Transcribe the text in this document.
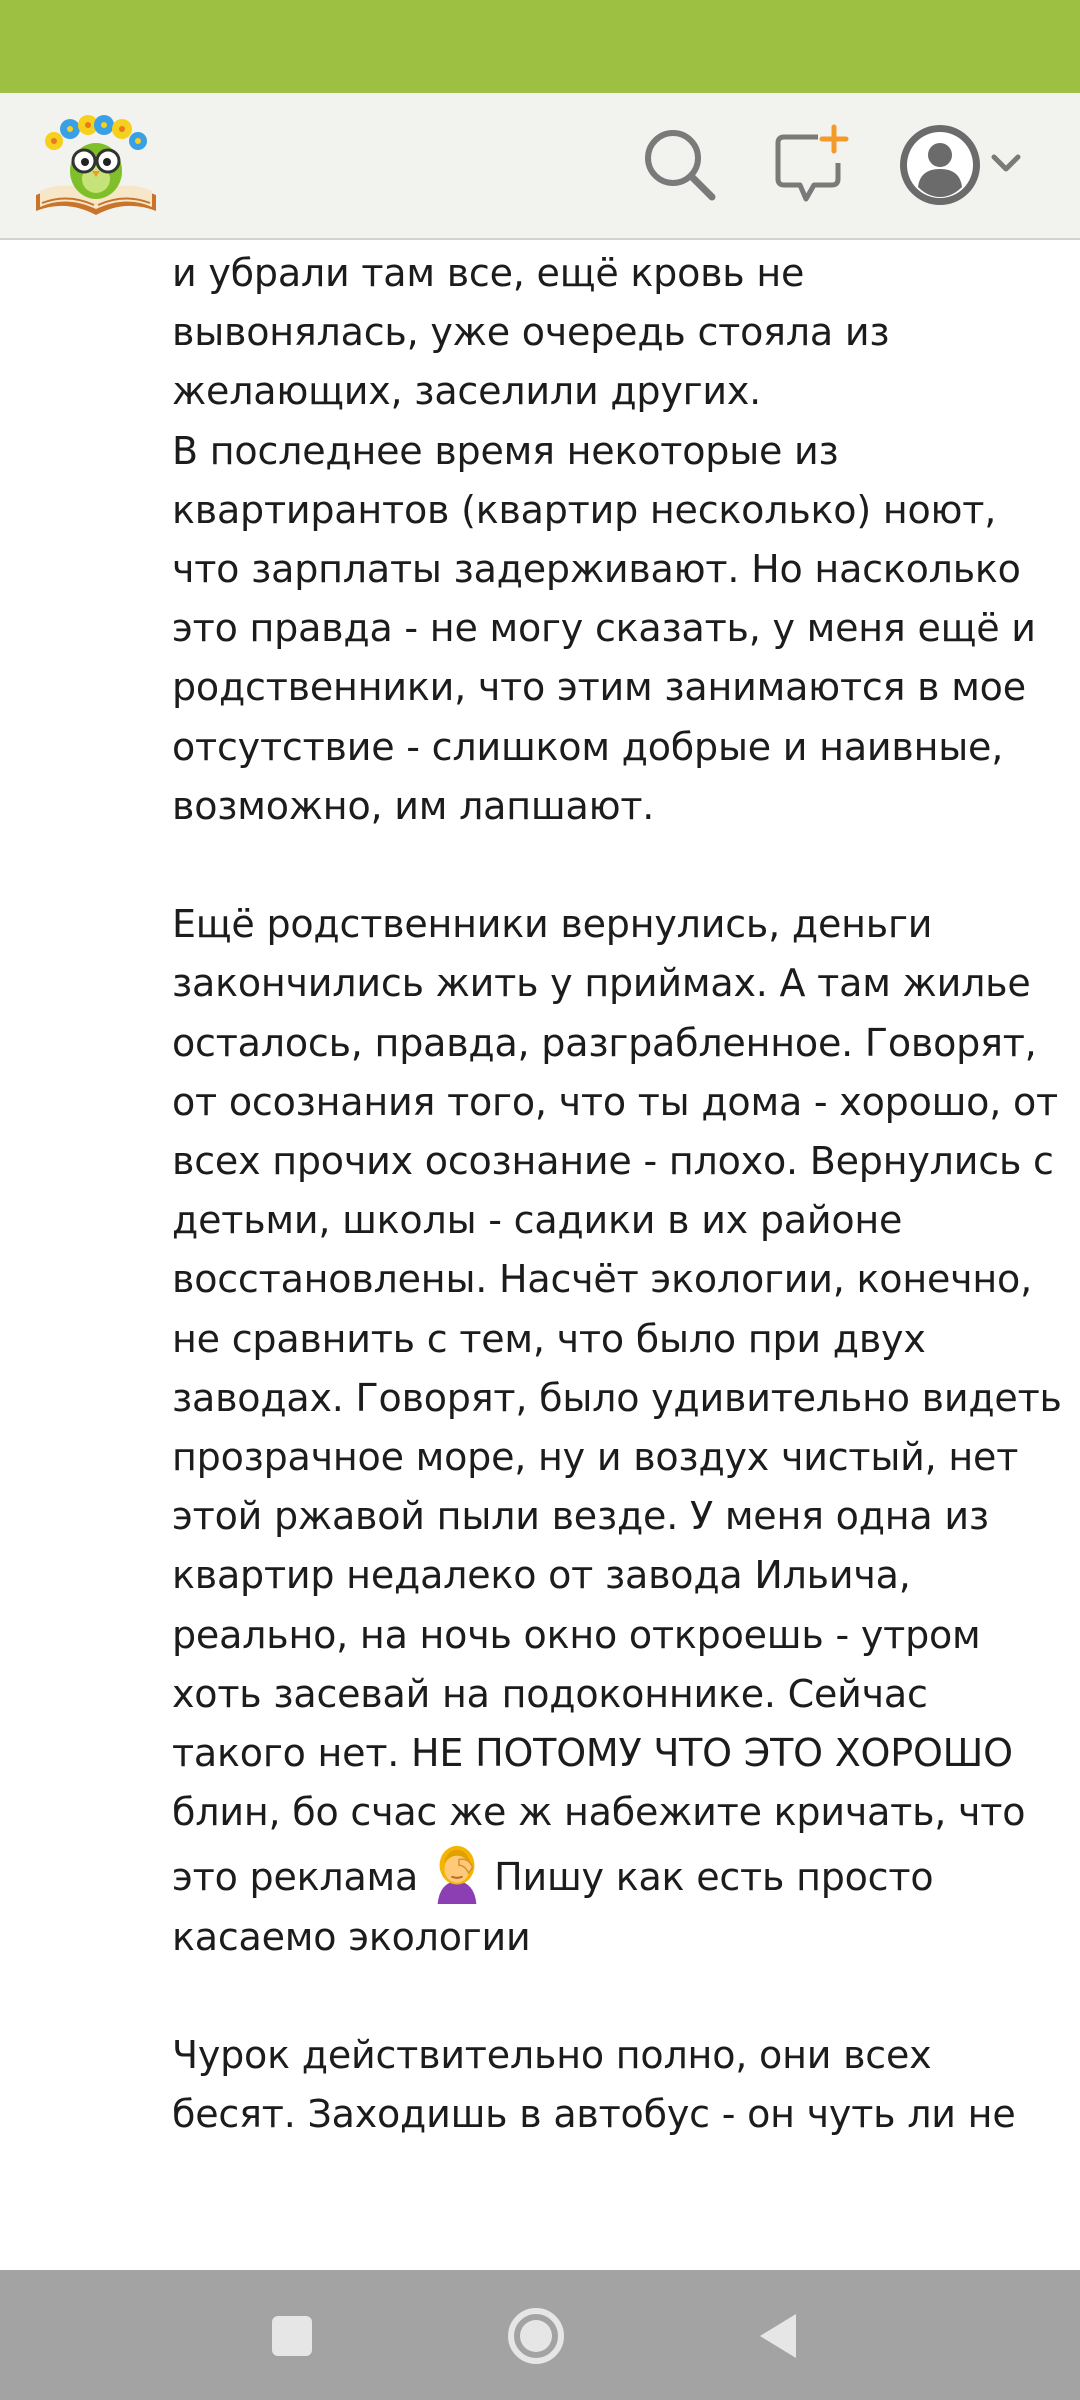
и убрали там все, ещё кровь не вывонялась, уже очередь стояла из желающих, заселили других.
В последнее время некоторые из квартирантов (квартир несколько) ноют, что зарплаты задерживают. Но насколько это правда - не могу сказать, у меня ещё и родственники, что этим занимаются в мое отсутствие - слишком добрые и наивные, возможно, им лапшают.

Ещё родственники вернулись, деньги закончились жить у приймах. А там жилье осталось, правда, разграбленное. Говорят, от осознания того, что ты дома - хорошо, от всех прочих осознание - плохо. Вернулись с детьми, школы - садики в их районе восстановлены. Насчёт экологии, конечно, не сравнить с тем, что было при двух заводах. Говорят, было удивительно видеть прозрачное море, ну и воздух чистый, нет этой ржавой пыли везде. У меня одна из квартир недалеко от завода Ильича, реально, на ночь окно откроешь - утром хоть засевай на подоконнике. Сейчас такого нет. НЕ ПОТОМУ ЧТО ЭТО ХОРОШО блин, бо счас же ж набежите кричать, что это реклама Пишу как есть просто касаемо экологии

Чурок действительно полно, они всех бесят. Заходишь в автобус - он чуть ли не
